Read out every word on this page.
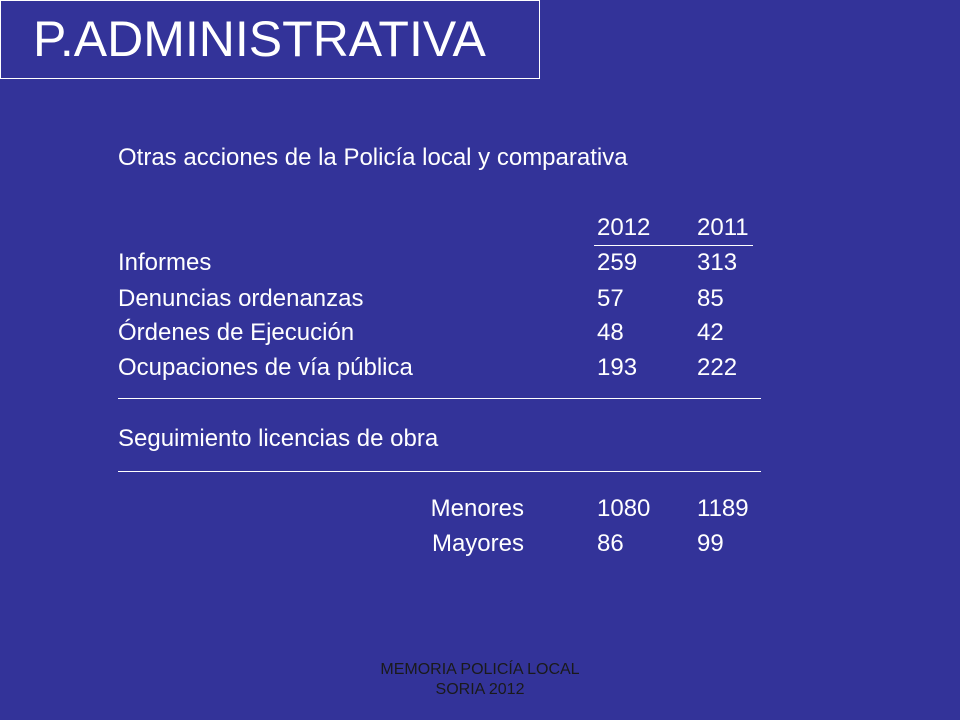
P.ADMINISTRATIVA
Otras acciones de la Policía local y comparativa
2012 2011
Informes	259 313
Denuncias ordenanzas	57	85
Órdenes de Ejecución	48	42
Ocupaciones de vía pública	193 222
Seguimiento licencias de obra
Menores	1080 1189
Mayores	86	99
MEMORIA POLICÍA LOCAL
SORIA 2012
